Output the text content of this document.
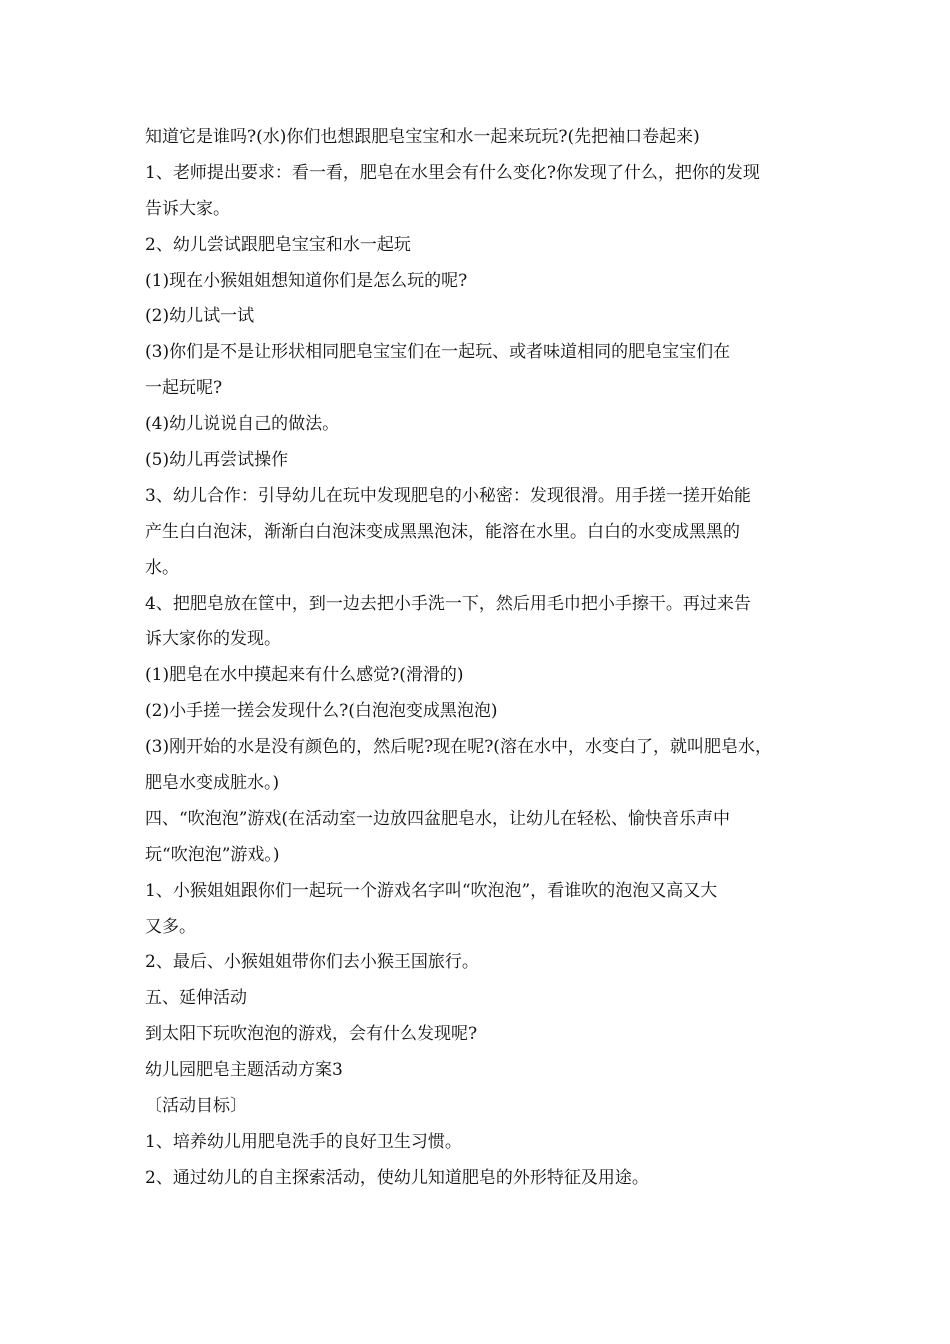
知道它是谁吗?(水)你们也想跟肥皂宝宝和水一起来玩玩?(先把袖口卷起来)
1、老师提出要求：看一看，肥皂在水里会有什么变化?你发现了什么，把你的发现
告诉大家。
2、幼儿尝试跟肥皂宝宝和水一起玩
(1)现在小猴姐姐想知道你们是怎么玩的呢?
(2)幼儿试一试
(3)你们是不是让形状相同肥皂宝宝们在一起玩、或者味道相同的肥皂宝宝们在
一起玩呢?
(4)幼儿说说自己的做法。
(5)幼儿再尝试操作
3、幼儿合作：引导幼儿在玩中发现肥皂的小秘密：发现很滑。用手搓一搓开始能
产生白白泡沫，渐渐白白泡沫变成黑黑泡沫，能溶在水里。白白的水变成黑黑的
水。
4、把肥皂放在筐中，到一边去把小手洗一下，然后用毛巾把小手擦干。再过来告
诉大家你的发现。
(1)肥皂在水中摸起来有什么感觉?(滑滑的)
(2)小手搓一搓会发现什么?(白泡泡变成黑泡泡)
(3)刚开始的水是没有颜色的，然后呢?现在呢?(溶在水中，水变白了，就叫肥皂水，
肥皂水变成脏水。)
四、“吹泡泡”游戏(在活动室一边放四盆肥皂水，让幼儿在轻松、愉快音乐声中
玩“吹泡泡”游戏。)
1、小猴姐姐跟你们一起玩一个游戏名字叫“吹泡泡”，看谁吹的泡泡又高又大
又多。
2、最后、小猴姐姐带你们去小猴王国旅行。
五、延伸活动
到太阳下玩吹泡泡的游戏，会有什么发现呢?
幼儿园肥皂主题活动方案3
〔活动目标〕
1、培养幼儿用肥皂洗手的良好卫生习惯。
2、通过幼儿的自主探索活动，使幼儿知道肥皂的外形特征及用途。
